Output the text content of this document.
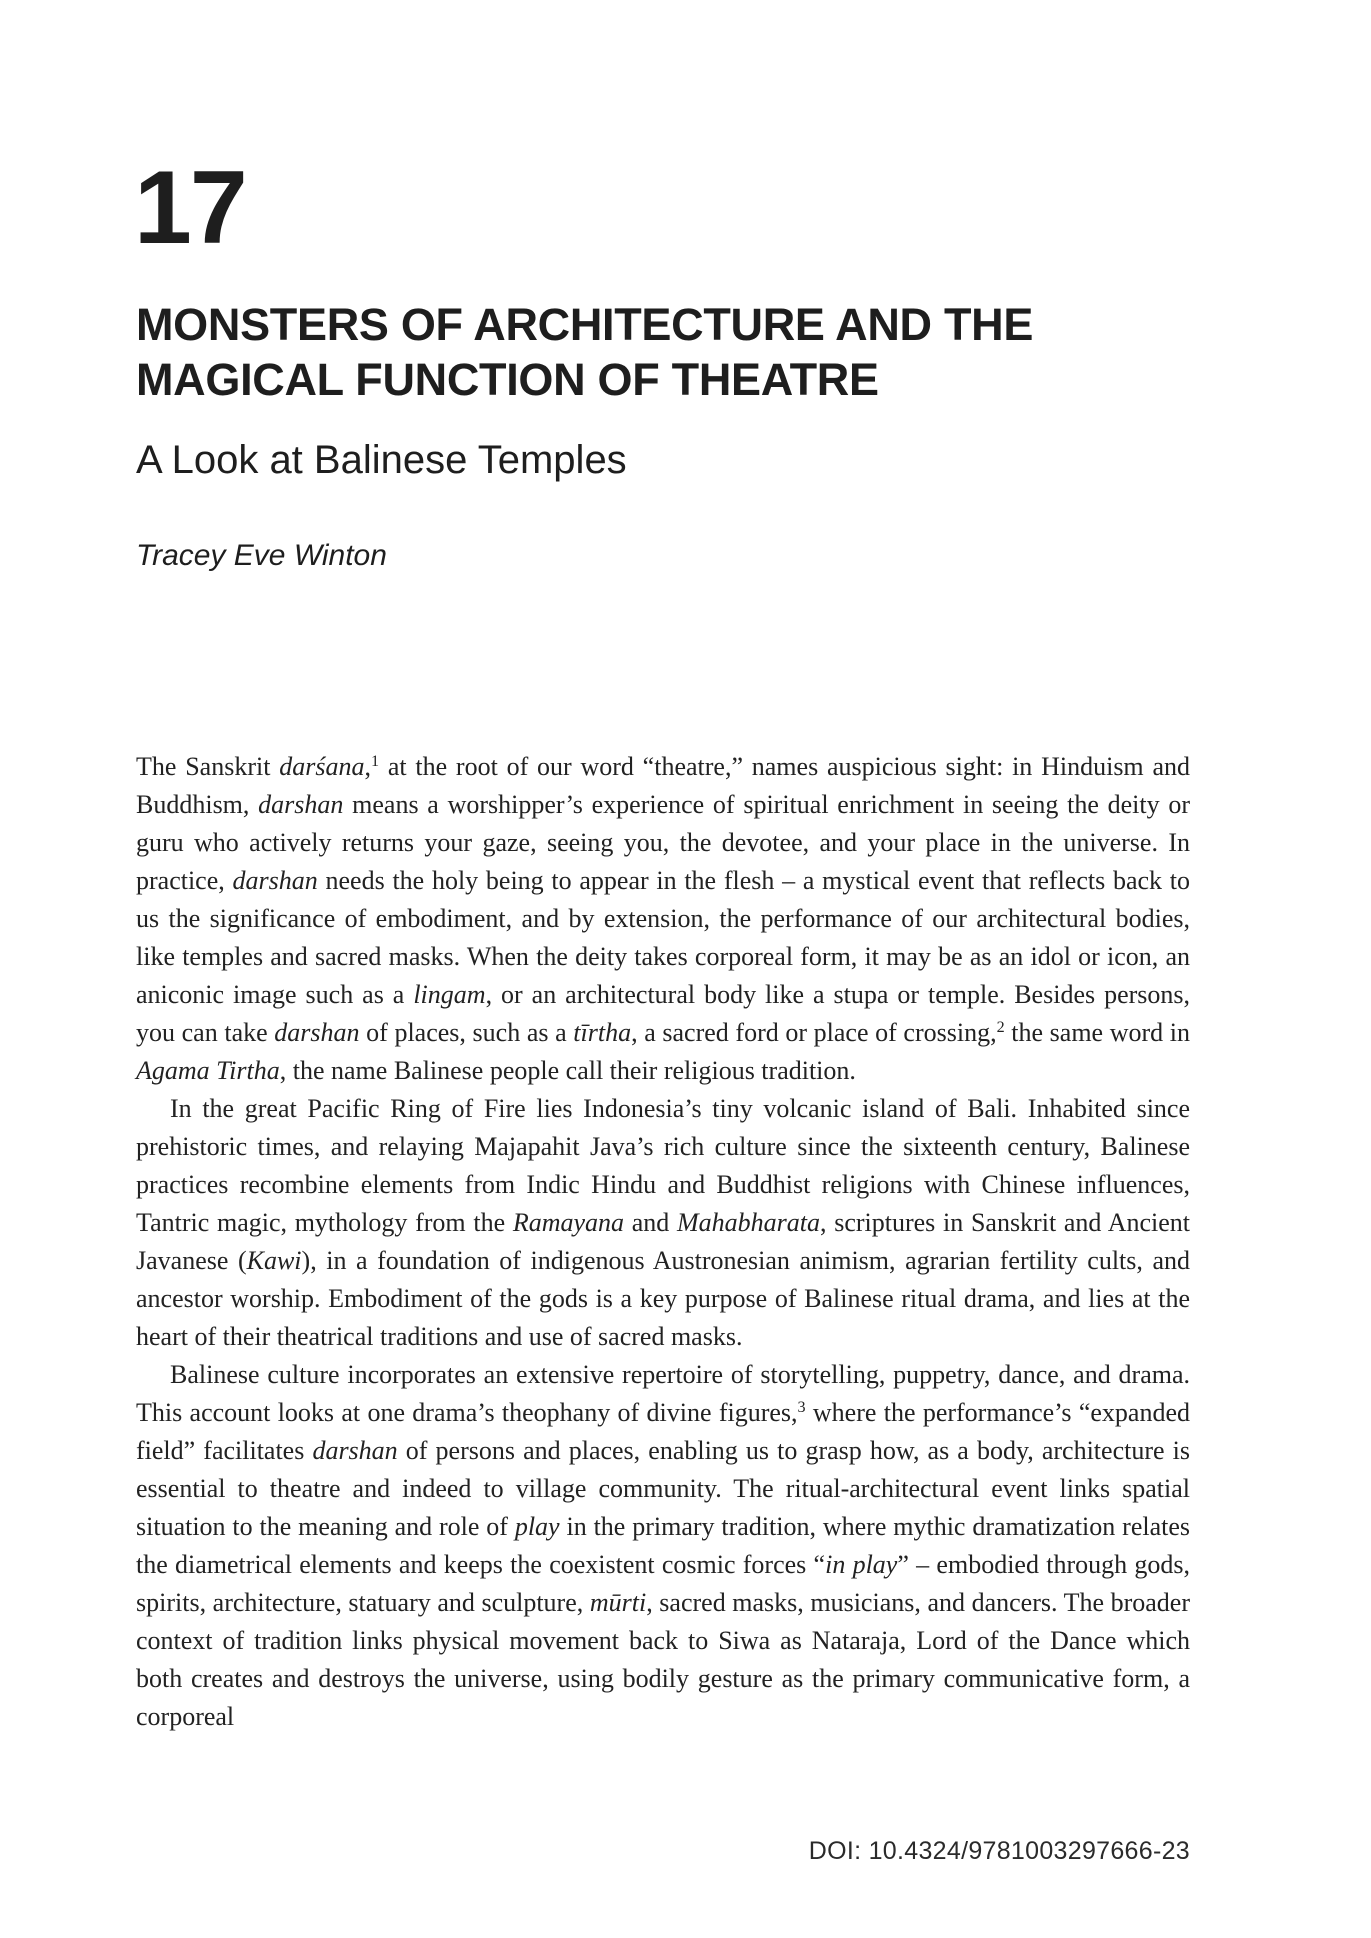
17
MONSTERS OF ARCHITECTURE AND THE
MAGICAL FUNCTION OF THEATRE
A Look at Balinese Temples
Tracey Eve Winton

The Sanskrit darśana,$^1$ at the root of our word “theatre,” names auspicious sight: in Hinduism and Buddhism, darshan means a worshipper’s experience of spiritual enrichment in seeing the deity or guru who actively returns your gaze, seeing you, the devotee, and your place in the universe. In practice, darshan needs the holy being to appear in the flesh – a mystical event that reflects back to us the significance of embodiment, and by extension, the performance of our architectural bodies, like temples and sacred masks. When the deity takes corporeal form, it may be as an idol or icon, an aniconic image such as a lingam, or an architectural body like a stupa or temple. Besides persons, you can take darshan of places, such as a tīrtha, a sacred ford or place of crossing,$^2$ the same word in Agama Tirtha, the name Balinese people call their religious tradition.

In the great Pacific Ring of Fire lies Indonesia’s tiny volcanic island of Bali. Inhabited since prehistoric times, and relaying Majapahit Java’s rich culture since the sixteenth century, Balinese practices recombine elements from Indic Hindu and Buddhist religions with Chinese influences, Tantric magic, mythology from the Ramayana and Mahabharata, scriptures in Sanskrit and Ancient Javanese (Kawi), in a foundation of indigenous Austronesian animism, agrarian fertility cults, and ancestor worship. Embodiment of the gods is a key purpose of Balinese ritual drama, and lies at the heart of their theatrical traditions and use of sacred masks.

Balinese culture incorporates an extensive repertoire of storytelling, puppetry, dance, and drama. This account looks at one drama’s theophany of divine figures,$^3$ where the performance’s “expanded field” facilitates darshan of persons and places, enabling us to grasp how, as a body, architecture is essential to theatre and indeed to village community. The ritual-architectural event links spatial situation to the meaning and role of play in the primary tradition, where mythic dramatization relates the diametrical elements and keeps the coexistent cosmic forces “in play” – embodied through gods, spirits, architecture, statuary and sculpture, mūrti, sacred masks, musicians, and dancers. The broader context of tradition links physical movement back to Siwa as Nataraja, Lord of the Dance which both creates and destroys the universe, using bodily gesture as the primary communicative form, a corporeal

DOI: 10.4324/9781003297666-23
